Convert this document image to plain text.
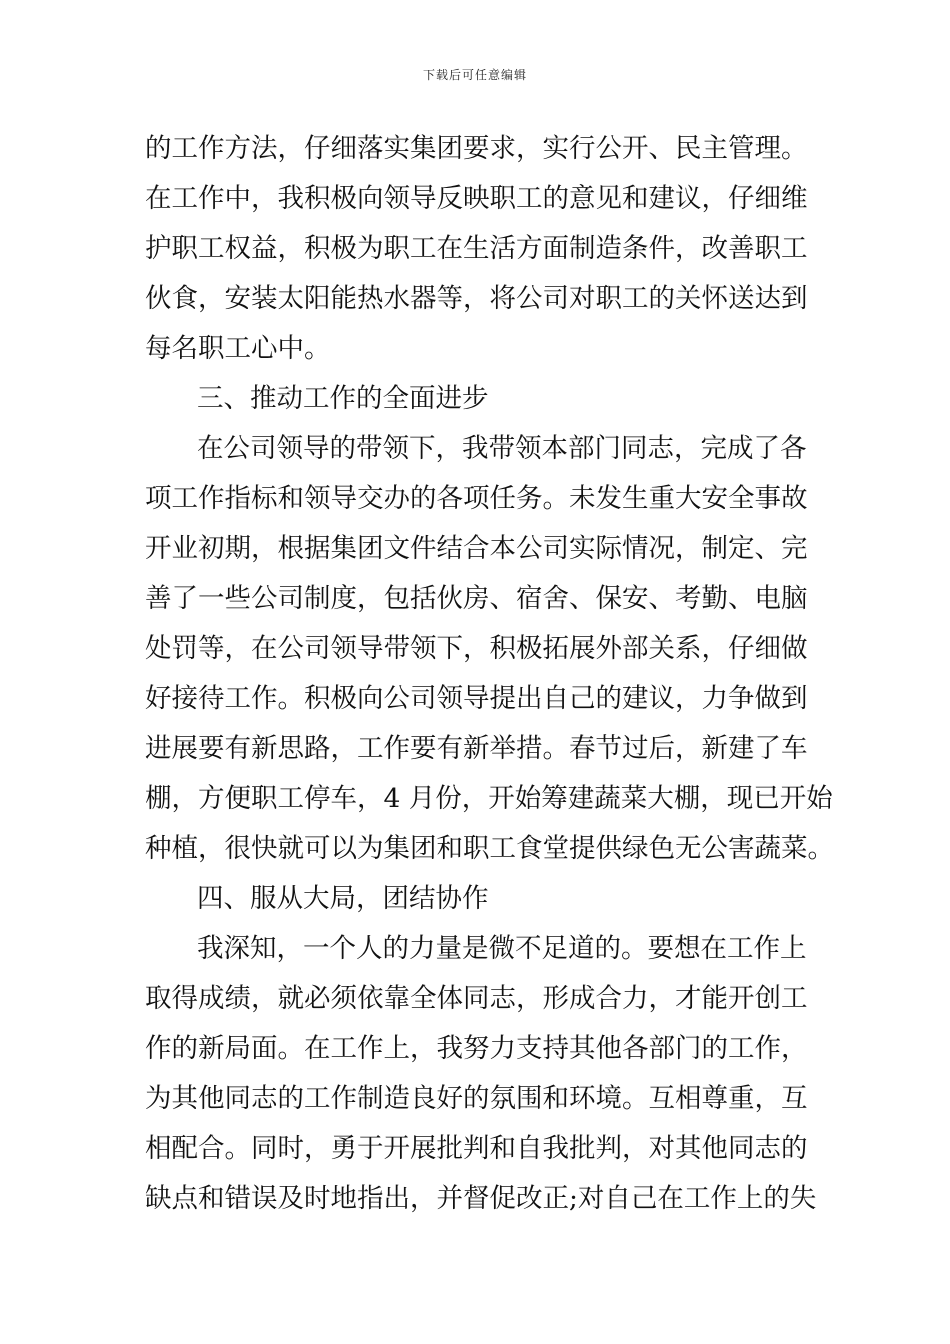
下载后可任意编辑
的工作方法，仔细落实集团要求，实行公开、民主管理。
在工作中，我积极向领导反映职工的意见和建议，仔细维
护职工权益，积极为职工在生活方面制造条件，改善职工
伙食，安装太阳能热水器等，将公司对职工的关怀送达到
每名职工心中。
三、推动工作的全面进步
在公司领导的带领下，我带领本部门同志，完成了各
项工作指标和领导交办的各项任务。未发生重大安全事故
开业初期，根据集团文件结合本公司实际情况，制定、完
善了一些公司制度，包括伙房、宿舍、保安、考勤、电脑
处罚等，在公司领导带领下，积极拓展外部关系，仔细做
好接待工作。积极向公司领导提出自己的建议，力争做到
进展要有新思路，工作要有新举措。春节过后，新建了车
棚，方便职工停车，4 月份，开始筹建蔬菜大棚，现已开始
种植，很快就可以为集团和职工食堂提供绿色无公害蔬菜。
四、服从大局，团结协作
我深知，一个人的力量是微不足道的。要想在工作上
取得成绩，就必须依靠全体同志，形成合力，才能开创工
作的新局面。在工作上，我努力支持其他各部门的工作，
为其他同志的工作制造良好的氛围和环境。互相尊重，互
相配合。同时，勇于开展批判和自我批判，对其他同志的
缺点和错误及时地指出，并督促改正;对自己在工作上的失
